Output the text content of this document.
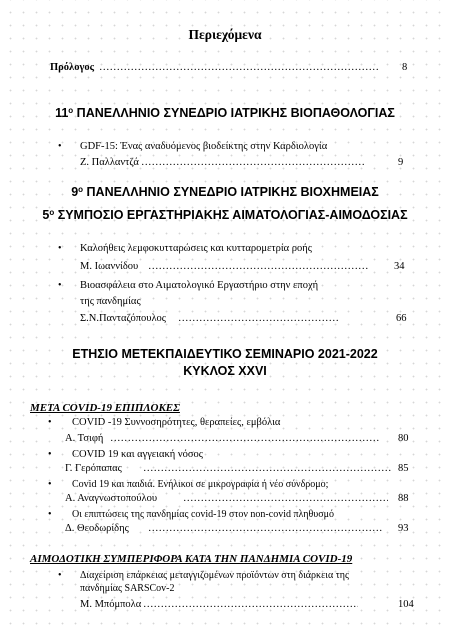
Περιεχόμενα
Πρόλογος …………………………………………………………………………………………………………………………	8
$11^o$ ΠΑΝΕΛΛΗΝΙΟ ΣΥΝΕΔΡΙΟ ΙΑΤΡΙΚΗΣ ΒΙΟΠΑΘΟΛΟΓΙΑΣ
• GDF-15: Ένας αναδυόμενος βιοδείκτης στην Καρδιολογία
Ζ. Παλλαντζά …………………………………………………………………………………………………………………………	9
$9^o$ ΠΑΝΕΛΛΗΝΙΟ ΣΥΝΕΔΡΙΟ ΙΑΤΡΙΚΗΣ ΒΙΟΧΗΜΕΙΑΣ
$5^o$ ΣΥΜΠΟΣΙΟ ΕΡΓΑΣΤΗΡΙΑΚΗΣ ΑΙΜΑΤΟΛΟΓΙΑΣ-ΑΙΜΟΔΟΣΙΑΣ
• Καλοήθεις λεμφοκυτταρώσεις και κυτταρομετρία ροής
Μ. Ιωαννίδου …………………………………………………………………………………………………………………………	34
• Βιοασφάλεια στο Αιματολογικό Εργαστήριο στην εποχή
της πανδημίας
Σ.Ν.Πανταζόπουλος …………………………………………………………………………………………………………………………	66
ΕΤΗΣΙΟ ΜΕΤΕΚΠΑΙΔΕΥΤΙΚΟ ΣΕΜΙΝΑΡΙΟ 2021-2022
ΚΥΚΛΟΣ XXVI
ΜΕΤΑ COVID-19 ΕΠΙΠΛΟΚΕΣ
• COVID -19 Συννοσηρότητες, θεραπείες, εμβόλια
Α. Τσιφή …………………………………………………………………………………………………………………………	80
• COVID 19 και αγγειακή νόσος
Γ. Γερόπαπας …………………………………………………………………………………………………………………………	85
• Covid 19 και παιδιά. Ενήλικοι σε μικρογραφία ή νέο σύνδρομο;
Α. Αναγνωστοπούλου …………………………………………………………………………………………………………………………	88
• Οι επιπτώσεις της πανδημίας covid-19 στον non-covid πληθυσμό
Δ. Θεοδωρίδης …………………………………………………………………………………………………………………………	93
ΑΙΜΟΔΟΤΙΚΗ ΣΥΜΠΕΡΙΦΟΡΑ ΚΑΤΑ ΤΗΝ ΠΑΝΔΗΜΙΑ COVID-19
• Διαχείριση επάρκειας μεταγγιζομένων προϊόντων στη διάρκεια της
πανδημίας SARSCov-2
Μ. Μπόμπολα …………………………………………………………………………………………………………………………	104
